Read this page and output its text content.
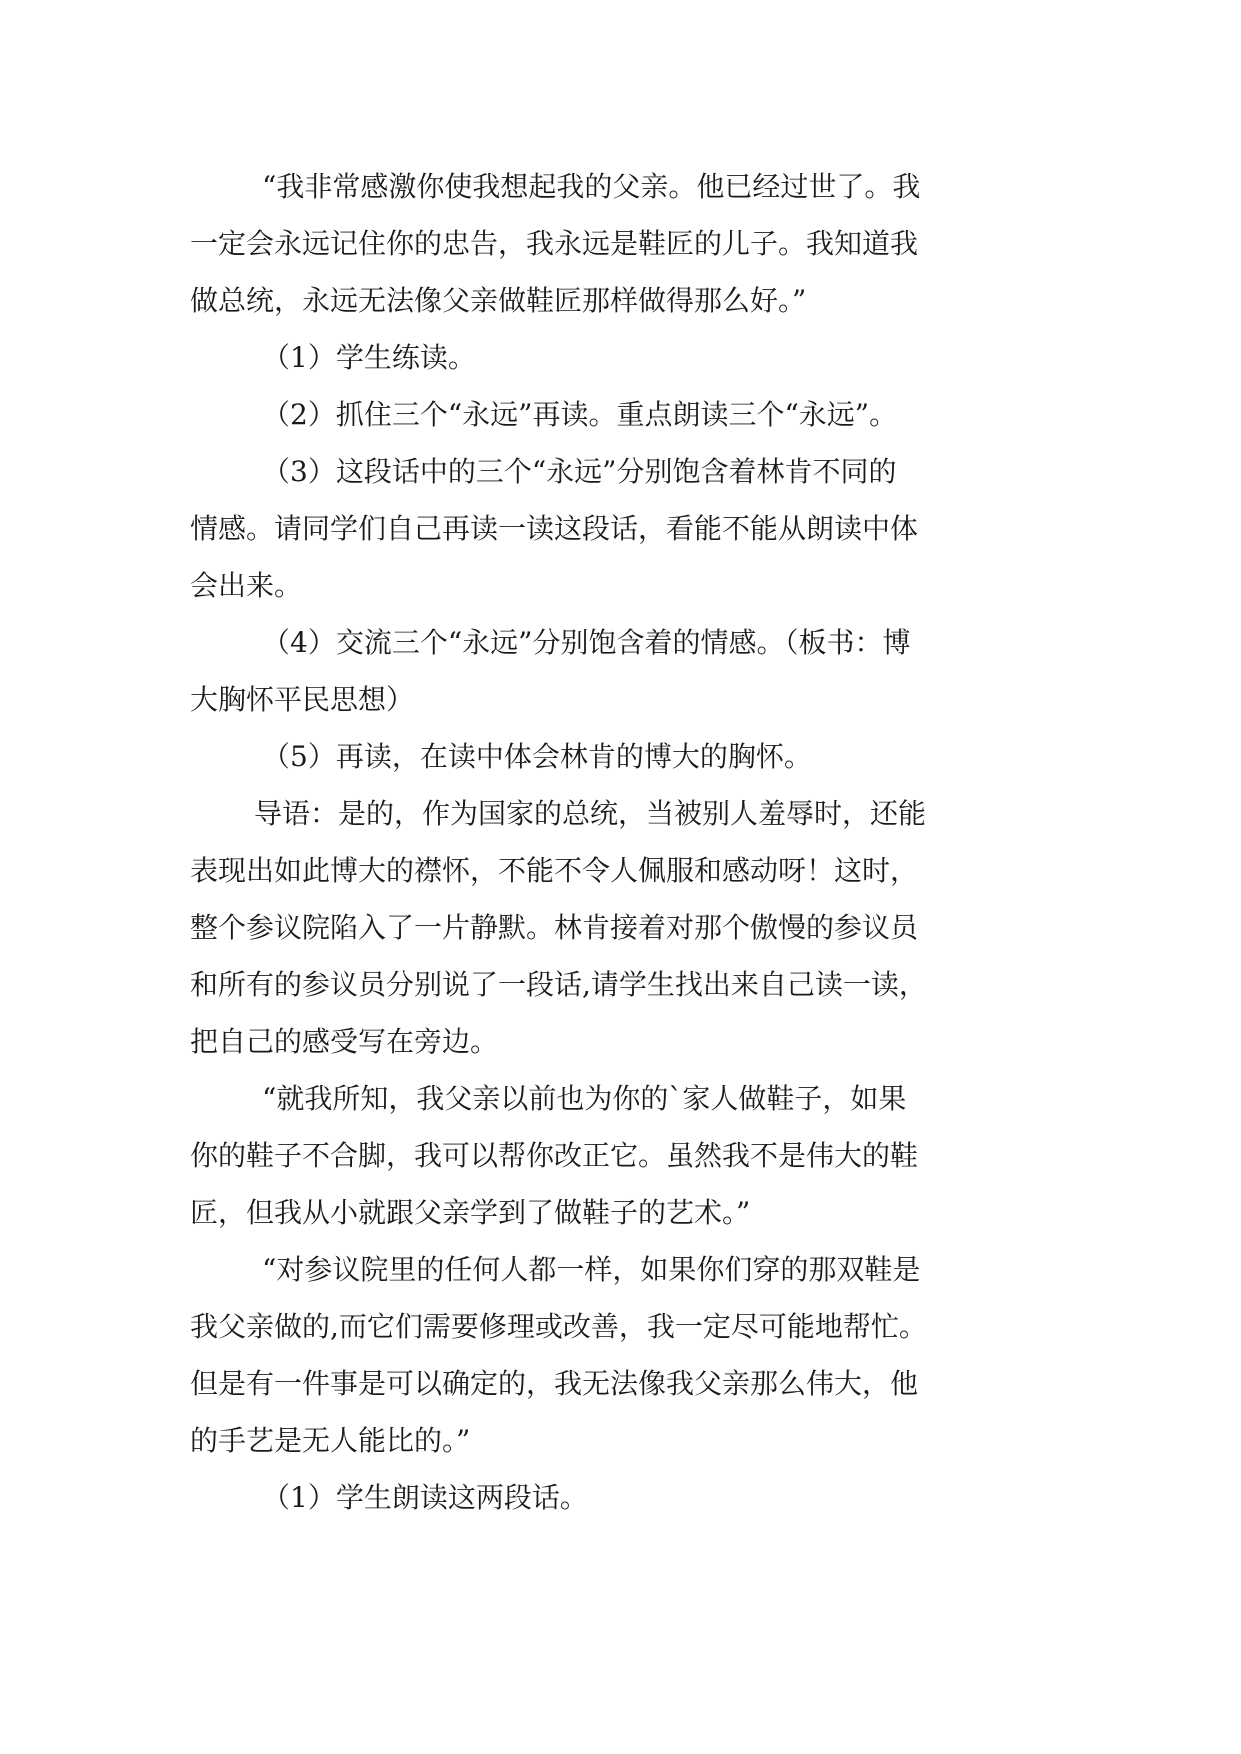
“我非常感激你使我想起我的父亲。他已经过世了。我

一定会永远记住你的忠告，我永远是鞋匠的儿子。我知道我

做总统，永远无法像父亲做鞋匠那样做得那么好。”

（1）学生练读。

（2）抓住三个“永远”再读。重点朗读三个“永远”。

（3）这段话中的三个“永远”分别饱含着林肯不同的

情感。请同学们自己再读一读这段话，看能不能从朗读中体

会出来。

（4）交流三个“永远”分别饱含着的情感。（板书：博

大胸怀平民思想）

（5）再读，在读中体会林肯的博大的胸怀。

导语：是的，作为国家的总统，当被别人羞辱时，还能

表现出如此博大的襟怀，不能不令人佩服和感动呀！这时，

整个参议院陷入了一片静默。林肯接着对那个傲慢的参议员

和所有的参议员分别说了一段话,请学生找出来自己读一读，

把自己的感受写在旁边。

“就我所知，我父亲以前也为你的`家人做鞋子，如果

你的鞋子不合脚，我可以帮你改正它。虽然我不是伟大的鞋

匠，但我从小就跟父亲学到了做鞋子的艺术。”

“对参议院里的任何人都一样，如果你们穿的那双鞋是

我父亲做的,而它们需要修理或改善，我一定尽可能地帮忙。

但是有一件事是可以确定的，我无法像我父亲那么伟大，他

的手艺是无人能比的。”

（1）学生朗读这两段话。
